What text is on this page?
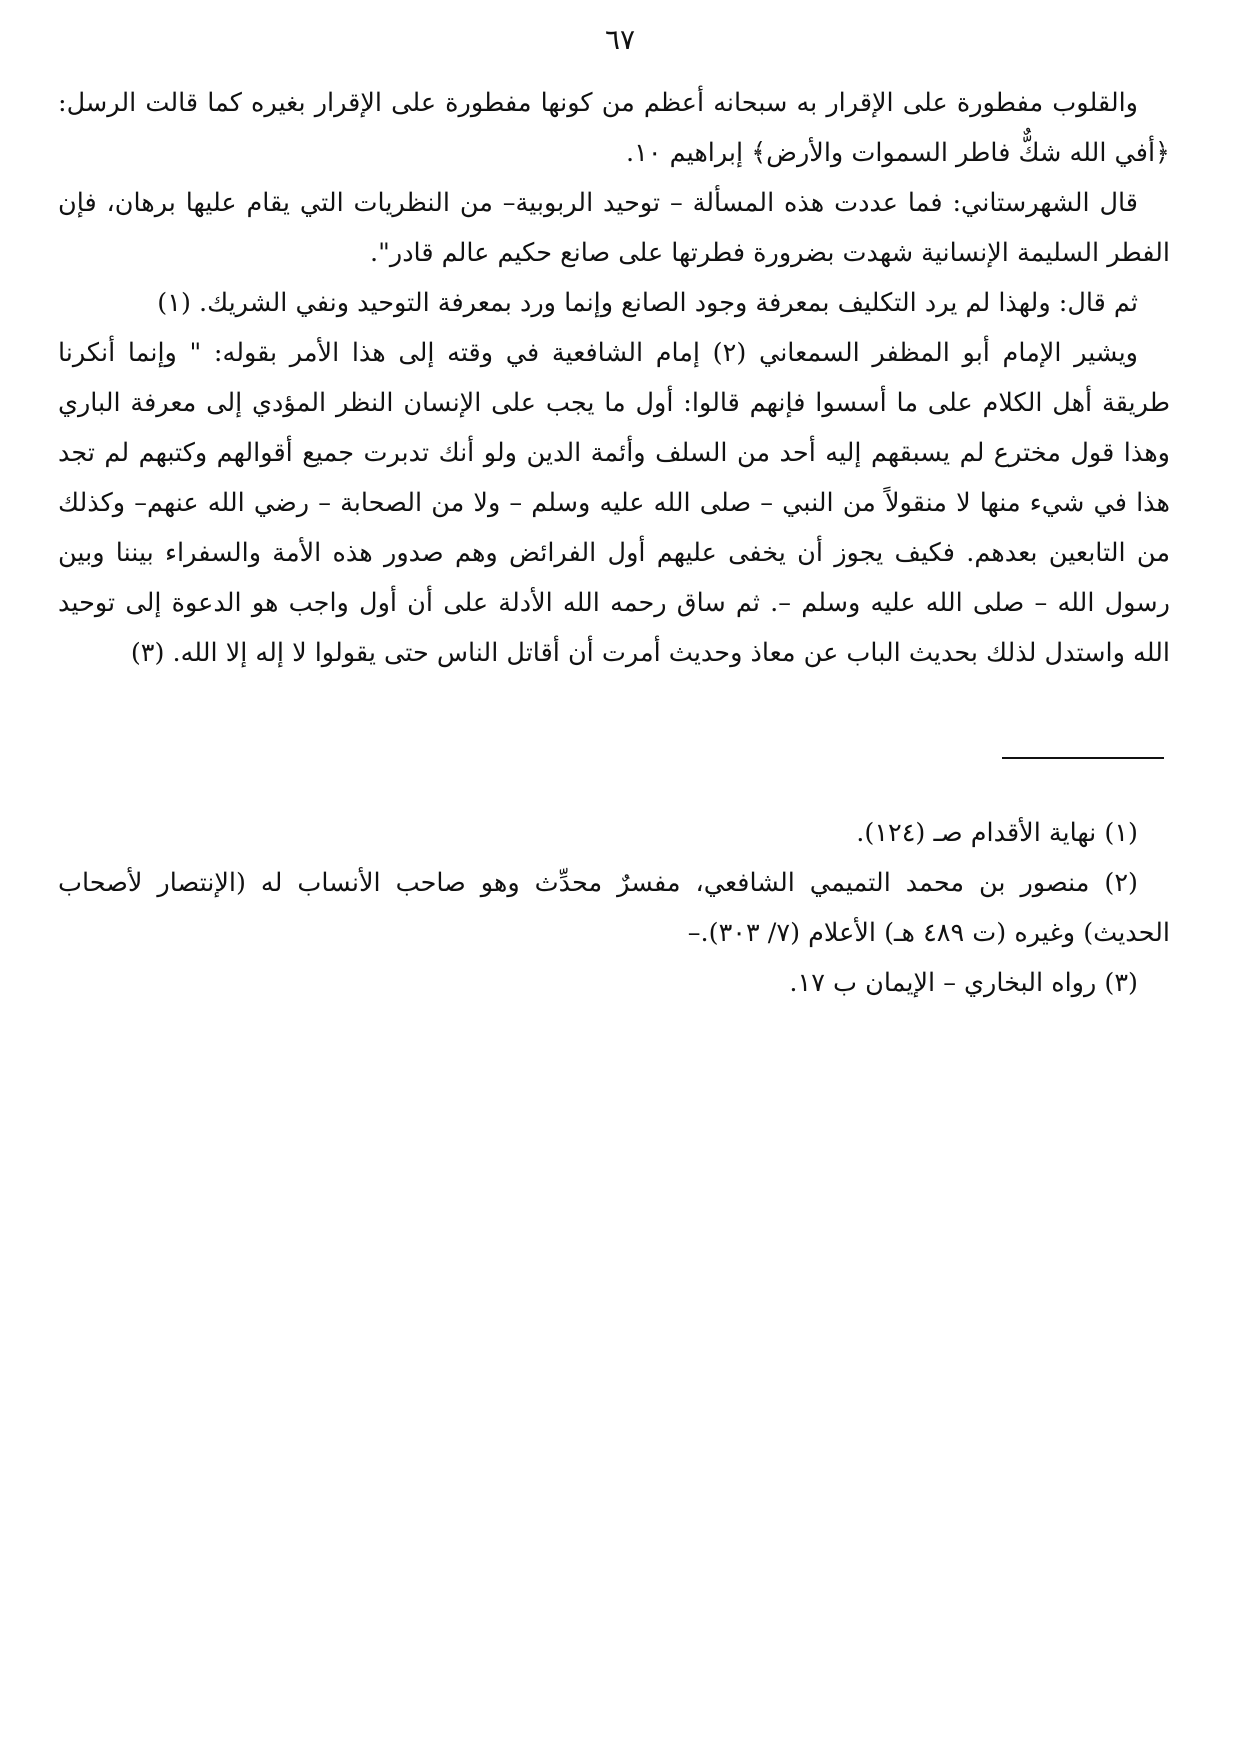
٦٧

والقلوب مفطورة على الإقرار به سبحانه أعظم من كونها مفطورة على الإقرار بغيره كما قالت الرسل: ﴿أفي الله شكٌّ فاطر السموات والأرض﴾ إبراهيم ١٠.

قال الشهرستاني: فما عددت هذه المسألة – توحيد الربوبية– من النظريات التي يقام عليها برهان، فإن الفطر السليمة الإنسانية شهدت بضرورة فطرتها على صانع حكيم عالم قادر".

ثم قال: ولهذا لم يرد التكليف بمعرفة وجود الصانع وإنما ورد بمعرفة التوحيد ونفي الشريك. (١)

ويشير الإمام أبو المظفر السمعاني (٢) إمام الشافعية في وقته إلى هذا الأمر بقوله: " وإنما أنكرنا طريقة أهل الكلام على ما أسسوا فإنهم قالوا: أول ما يجب على الإنسان النظر المؤدي إلى معرفة الباري وهذا قول مخترع لم يسبقهم إليه أحد من السلف وأئمة الدين ولو أنك تدبرت جميع أقوالهم وكتبهم لم تجد هذا في شيء منها لا منقولاً من النبي – صلى الله عليه وسلم – ولا من الصحابة – رضي الله عنهم– وكذلك من التابعين بعدهم. فكيف يجوز أن يخفى عليهم أول الفرائض وهم صدور هذه الأمة والسفراء بيننا وبين رسول الله – صلى الله عليه وسلم –. ثم ساق رحمه الله الأدلة على أن أول واجب هو الدعوة إلى توحيد الله واستدل لذلك بحديث الباب عن معاذ وحديث أمرت أن أقاتل الناس حتى يقولوا لا إله إلا الله. (٣)

(١) نهاية الأقدام صـ (١٢٤).

(٢) منصور بن محمد التميمي الشافعي، مفسرٌ محدِّث وهو صاحب الأنساب له (الإنتصار لأصحاب الحديث) وغيره (ت ٤٨٩ هـ) الأعلام (٧/ ٣٠٣).–

(٣) رواه البخاري – الإيمان ب ١٧.
